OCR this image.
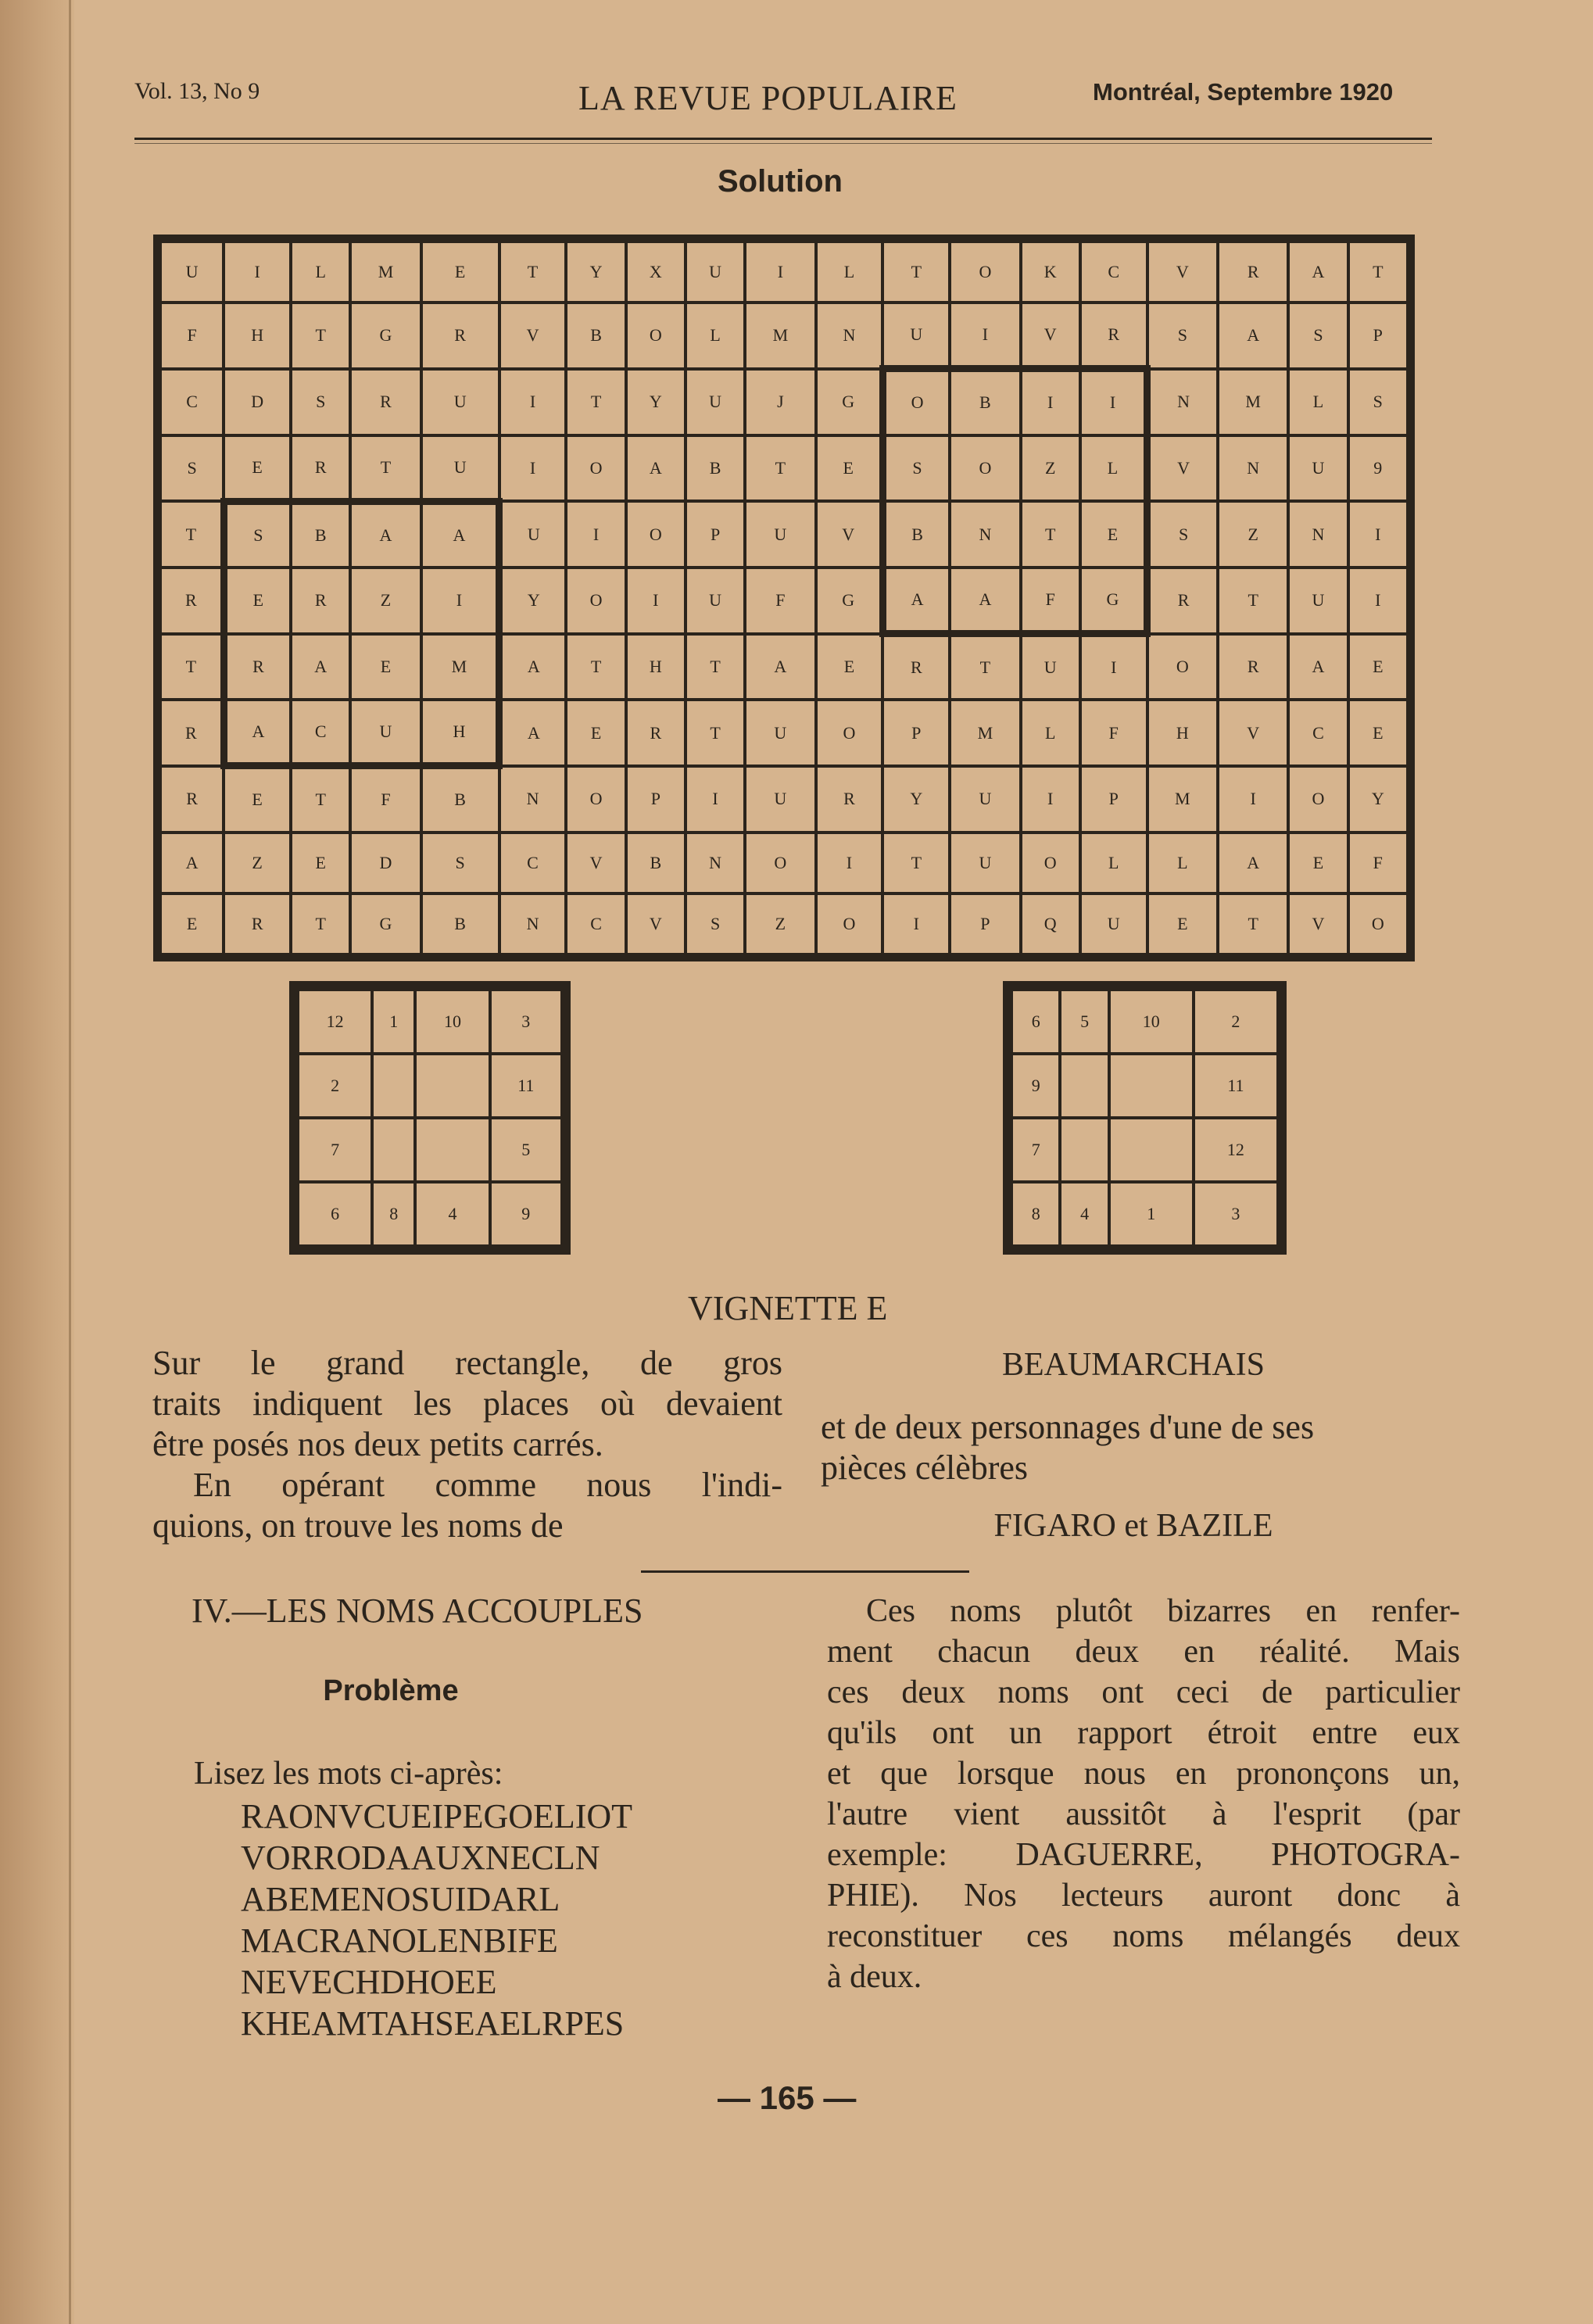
Vol. 13, No 9	LA REVUE POPULAIRE	Montréal, Septembre 1920
Solution
U	I	L	M	E	T	Y	X	U	I	L	T	O	K	C	V	R	A	T
F	H	T	G	R	V	B	O	L	M	N	U	I	V	R	S	A	S	P
C	D	S	R	U	I	T	Y	U	J	G	O	B	I	I	N	M	L	S
S	E	R	T	U	I	O	A	B	T	E	S	O	Z	L	V	N	U	9
T	S	B	A	A	U	I	O	P	U	V	B	N	T	E	S	Z	N	I
R	E	R	Z	I	Y	O	I	U	F	G	A	A	F	G	R	T	U	I
T	R	A	E	M	A	T	H	T	A	E	R	T	U	I	O	R	A	E
R	A	C	U	H	A	E	R	T	U	O	P	M	L	F	H	V	C	E
R	E	T	F	B	N	O	P	I	U	R	Y	U	I	P	M	I	O	Y
A	Z	E	D	S	C	V	B	N	O	I	T	U	O	L	L	A	E	F
E	R	T	G	B	N	C	V	S	Z	O	I	P	Q	U	E	T	V	O
12	1	10	3
2			11
7			5
6	8	4	9
6	5	10	2
9			11
7			12
8	4	1	3
VIGNETTE E

Sur le grand rectangle, de gros

traits indiquent les places où devaient

être posés nos deux petits carrés.

En opérant comme nous l'indi-

quions, on trouve les noms de

BEAUMARCHAIS

et de deux personnages d'une de ses

pièces célèbres

FIGARO et BAZILE
IV.—LES NOMS ACCOUPLES
Problème
Lisez les mots ci-après:
RAONVCUEIPEGOELIOT
VORRODAAUXNECLN
ABEMENOSUIDARL
MACRANOLENBIFE
NEVECHDHOEE
KHEAMTAHSEAELRPES

Ces noms plutôt bizarres en renfer-

ment chacun deux en réalité. Mais

ces deux noms ont ceci de particulier

qu'ils ont un rapport étroit entre eux

et que lorsque nous en prononçons un,

l'autre vient aussitôt à l'esprit (par

exemple: DAGUERRE, PHOTOGRA-

PHIE). Nos lecteurs auront donc à

reconstituer ces noms mélangés deux

à deux.

— 165 —
